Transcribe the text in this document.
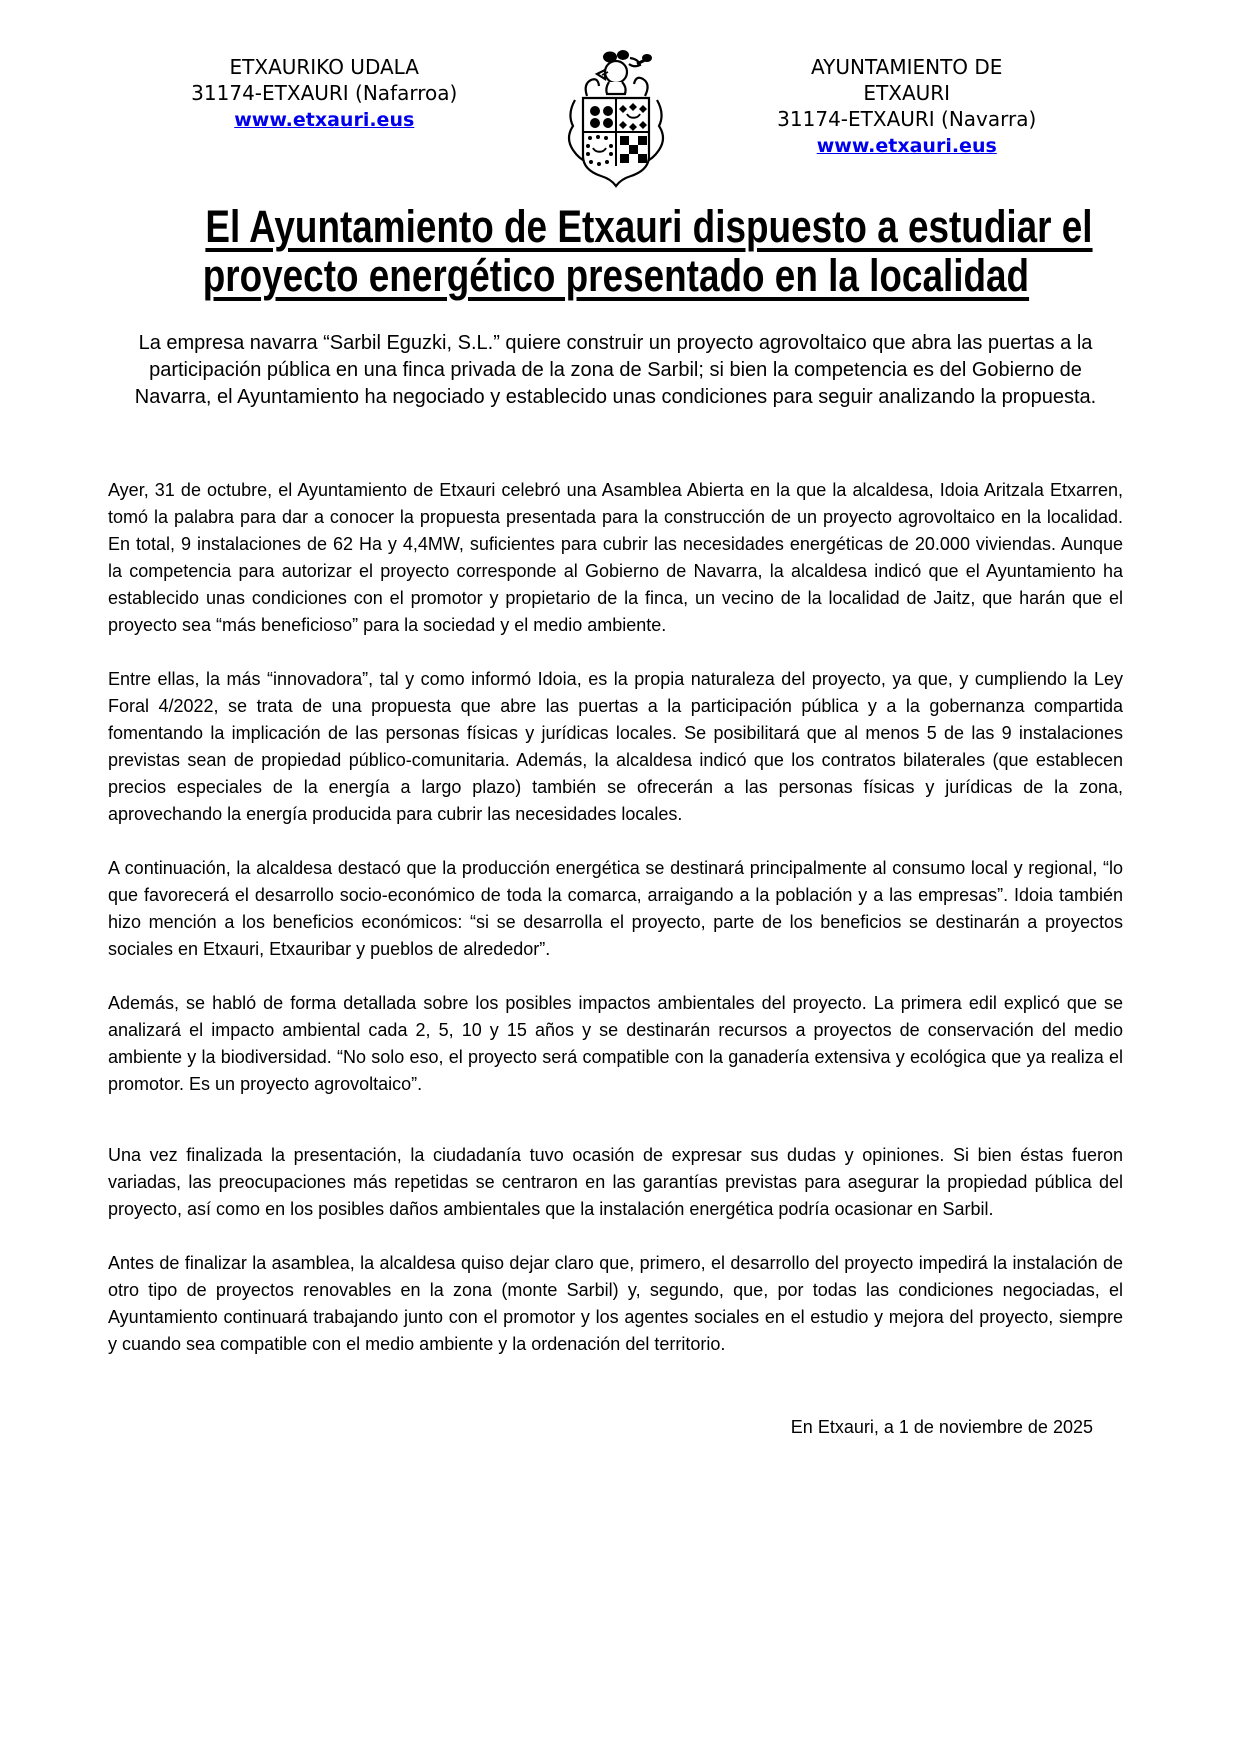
ETXAURIKO UDALA
31174-ETXAURI (Nafarroa)
www.etxauri.eus
AYUNTAMIENTO DE
ETXAURI
31174-ETXAURI (Navarra)
www.etxauri.eus
El Ayuntamiento de Etxauri dispuesto a estudiar el
proyecto energético presentado en la localidad

La empresa navarra “Sarbil Eguzki, S.L.” quiere construir un proyecto agrovoltaico que abra las puertas a la participación pública en una finca privada de la zona de Sarbil; si bien la competencia es del Gobierno de Navarra, el Ayuntamiento ha negociado y establecido unas condiciones para seguir analizando la propuesta.

Ayer, 31 de octubre, el Ayuntamiento de Etxauri celebró una Asamblea Abierta en la que la alcaldesa, Idoia Aritzala Etxarren, tomó la palabra para dar a conocer la propuesta presentada para la construcción de un proyecto agrovoltaico en la localidad. En total, 9 instalaciones de 62 Ha y 4,4MW, suficientes para cubrir las necesidades energéticas de 20.000 viviendas. Aunque la competencia para autorizar el proyecto corresponde al Gobierno de Navarra, la alcaldesa indicó que el Ayuntamiento ha establecido unas condiciones con el promotor y propietario de la finca, un vecino de la localidad de Jaitz, que harán que el proyecto sea “más beneficioso” para la sociedad y el medio ambiente.

Entre ellas, la más “innovadora”, tal y como informó Idoia, es la propia naturaleza del proyecto, ya que, y cumpliendo la Ley Foral 4/2022, se trata de una propuesta que abre las puertas a la participación pública y a la gobernanza compartida fomentando la implicación de las personas físicas y jurídicas locales. Se posibilitará que al menos 5 de las 9 instalaciones previstas sean de propiedad público-comunitaria. Además, la alcaldesa indicó que los contratos bilaterales (que establecen precios especiales de la energía a largo plazo) también se ofrecerán a las personas físicas y jurídicas de la zona, aprovechando la energía producida para cubrir las necesidades locales.

A continuación, la alcaldesa destacó que la producción energética se destinará principalmente al consumo local y regional, “lo que favorecerá el desarrollo socio-económico de toda la comarca, arraigando a la población y a las empresas”. Idoia también hizo mención a los beneficios económicos: “si se desarrolla el proyecto, parte de los beneficios se destinarán a proyectos sociales en Etxauri, Etxauribar y pueblos de alrededor”.

Además, se habló de forma detallada sobre los posibles impactos ambientales del proyecto. La primera edil explicó que se analizará el impacto ambiental cada 2, 5, 10 y 15 años y se destinarán recursos a proyectos de conservación del medio ambiente y la biodiversidad. “No solo eso, el proyecto será compatible con la ganadería extensiva y ecológica que ya realiza el promotor. Es un proyecto agrovoltaico”.

Una vez finalizada la presentación, la ciudadanía tuvo ocasión de expresar sus dudas y opiniones. Si bien éstas fueron variadas, las preocupaciones más repetidas se centraron en las garantías previstas para asegurar la propiedad pública del proyecto, así como en los posibles daños ambientales que la instalación energética podría ocasionar en Sarbil.

Antes de finalizar la asamblea, la alcaldesa quiso dejar claro que, primero, el desarrollo del proyecto impedirá la instalación de otro tipo de proyectos renovables en la zona (monte Sarbil) y, segundo, que, por todas las condiciones negociadas, el Ayuntamiento continuará trabajando junto con el promotor y los agentes sociales en el estudio y mejora del proyecto, siempre y cuando sea compatible con el medio ambiente y la ordenación del territorio.

En Etxauri, a 1 de noviembre de 2025
